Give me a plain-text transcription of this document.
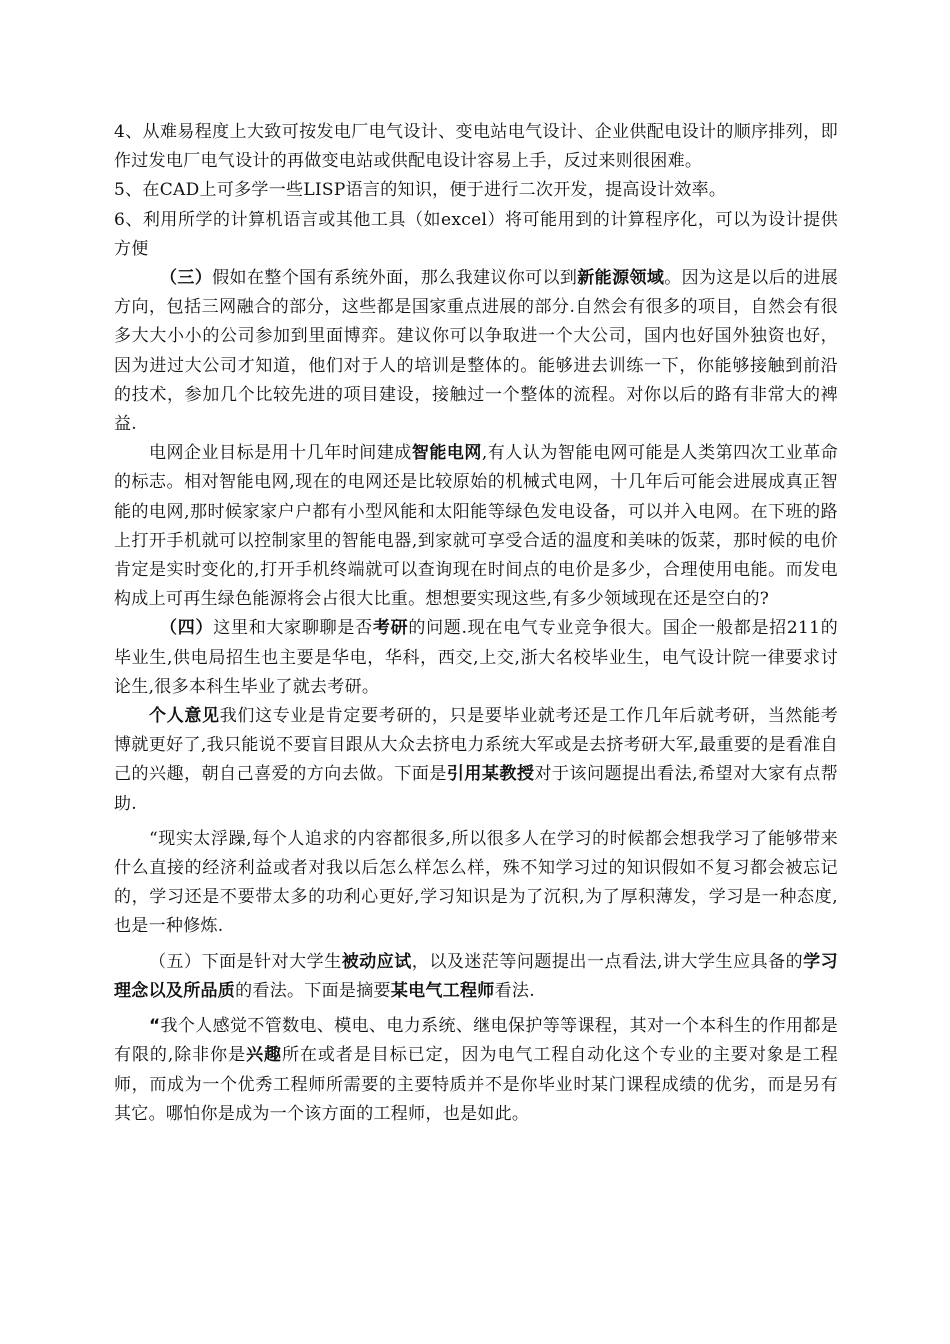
4、从难易程度上大致可按发电厂电气设计、变电站电气设计、企业供配电设计的顺序排列，即作过发电厂电气设计的再做变电站或供配电设计容易上手，反过来则很困难。

5、在CAD上可多学一些LISP语言的知识，便于进行二次开发，提高设计效率。

6、利用所学的计算机语言或其他工具（如excel）将可能用到的计算程序化，可以为设计提供方便

（三）假如在整个国有系统外面，那么我建议你可以到新能源领域。因为这是以后的进展方向，包括三网融合的部分，这些都是国家重点进展的部分.自然会有很多的项目，自然会有很多大大小小的公司参加到里面博弈。建议你可以争取进一个大公司，国内也好国外独资也好，因为进过大公司才知道，他们对于人的培训是整体的。能够进去训练一下，你能够接触到前沿的技术，参加几个比较先进的项目建设，接触过一个整体的流程。对你以后的路有非常大的裨益.

电网企业目标是用十几年时间建成智能电网,有人认为智能电网可能是人类第四次工业革命的标志。相对智能电网,现在的电网还是比较原始的机械式电网，十几年后可能会进展成真正智能的电网,那时候家家户户都有小型风能和太阳能等绿色发电设备，可以并入电网。在下班的路上打开手机就可以控制家里的智能电器,到家就可享受合适的温度和美味的饭菜，那时候的电价肯定是实时变化的,打开手机终端就可以查询现在时间点的电价是多少，合理使用电能。而发电构成上可再生绿色能源将会占很大比重。想想要实现这些,有多少领域现在还是空白的?

（四）这里和大家聊聊是否考研的问题.现在电气专业竞争很大。国企一般都是招211的毕业生,供电局招生也主要是华电，华科，西交,上交,浙大名校毕业生，电气设计院一律要求讨论生,很多本科生毕业了就去考研。

个人意见我们这专业是肯定要考研的，只是要毕业就考还是工作几年后就考研，当然能考博就更好了,我只能说不要盲目跟从大众去挤电力系统大军或是去挤考研大军,最重要的是看准自己的兴趣，朝自己喜爱的方向去做。下面是引用某教授对于该问题提出看法,希望对大家有点帮助.

“现实太浮躁,每个人追求的内容都很多,所以很多人在学习的时候都会想我学习了能够带来什么直接的经济利益或者对我以后怎么样怎么样，殊不知学习过的知识假如不复习都会被忘记的，学习还是不要带太多的功利心更好,学习知识是为了沉积,为了厚积薄发，学习是一种态度,也是一种修炼.

（五）下面是针对大学生被动应试，以及迷茫等问题提出一点看法,讲大学生应具备的学习理念以及所品质的看法。下面是摘要某电气工程师看法.

“我个人感觉不管数电、模电、电力系统、继电保护等等课程，其对一个本科生的作用都是有限的,除非你是兴趣所在或者是目标已定，因为电气工程自动化这个专业的主要对象是工程师，而成为一个优秀工程师所需要的主要特质并不是你毕业时某门课程成绩的优劣，而是另有其它。哪怕你是成为一个该方面的工程师，也是如此。
